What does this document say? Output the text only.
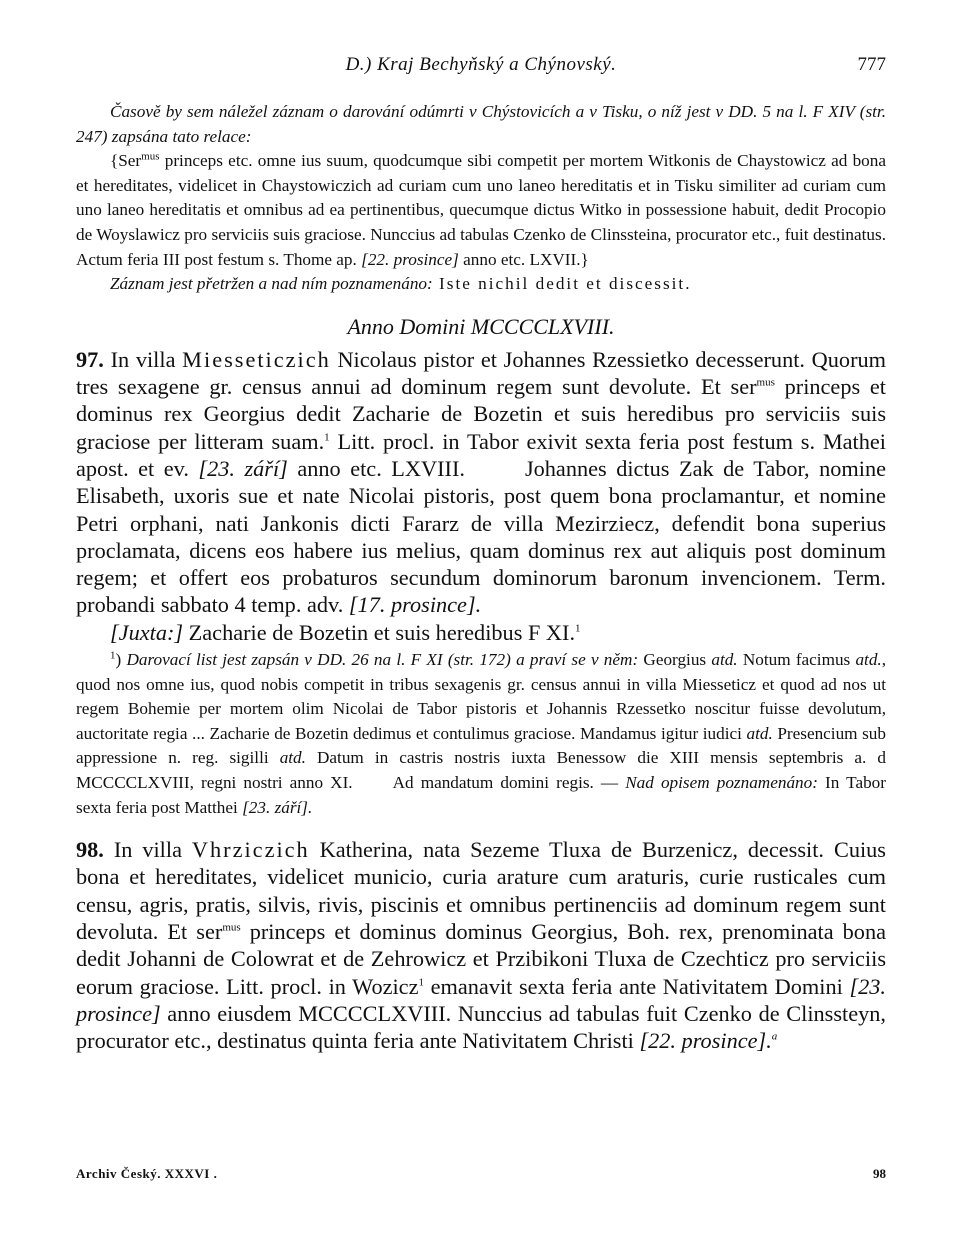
D.) Kraj Bechyňský a Chýnovský.	777

Časově by sem náležel záznam o darování odúmrti v Chýstovicích a v Tisku, o níž jest v DD. 5 na l. F XIV (str. 247) zapsána tato relace:

{Ser$^{mus}$ princeps etc. omne ius suum, quodcumque sibi competit per mortem Witkonis de Chaystowicz ad bona et hereditates, videlicet in Chaystowiczich ad curiam cum uno laneo hereditatis et in Tisku similiter ad curiam cum uno laneo hereditatis et omnibus ad ea pertinentibus, quecumque dictus Witko in possessione habuit, dedit Procopio de Woyslawicz pro serviciis suis graciose. Nunccius ad tabulas Czenko de Clinssteina, procurator etc., fuit destinatus. Actum feria III post festum s. Thome ap. [22. prosince] anno etc. LXVII.}

Záznam jest přetržen a nad ním poznamenáno: Iste nichil dedit et discessit.

Anno Domini MCCCCLXVIII.

97. In villa Miesseticzich Nicolaus pistor et Johannes Rzessietko decesserunt. Quorum tres sexagene gr. census annui ad dominum regem sunt devolute. Et ser$^{mus}$ princeps et dominus rex Georgius dedit Zacharie de Bozetin et suis heredibus pro serviciis suis graciose per litteram suam.$^1$ Litt. procl. in Tabor exivit sexta feria post festum s. Mathei apost. et ev. [23. září] anno etc. LXVIII.	Johannes dictus Zak de Tabor, nomine Elisabeth, uxoris sue et nate Nicolai pistoris, post quem bona proclamantur, et nomine Petri orphani, nati Jankonis dicti Fararz de villa Mezirziecz, defendit bona superius proclamata, dicens eos habere ius melius, quam dominus rex aut aliquis post dominum regem; et offert eos probaturos secundum dominorum baronum invencionem. Term. probandi sabbato 4 temp. adv. [17. prosince].

[Juxta:] Zacharie de Bozetin et suis heredibus F XI.$^1$

$^1$) Darovací list jest zapsán v DD. 26 na l. F XI (str. 172) a praví se v něm: Georgius atd. Notum facimus atd., quod nos omne ius, quod nobis competit in tribus sexagenis gr. census annui in villa Miesseticz et quod ad nos ut regem Bohemie per mortem olim Nicolai de Tabor pistoris et Johannis Rzessetko noscitur fuisse devolutum, auctoritate regia ... Zacharie de Bozetin dedimus et contulimus graciose. Mandamus igitur iudici atd. Presencium sub appressione n. reg. sigilli atd. Datum in castris nostris iuxta Benessow die XIII mensis septembris a. d MCCCCLXVIII, regni nostri anno XI. Ad mandatum domini regis. — Nad opisem poznamenáno: In Tabor sexta feria post Matthei [23. září].

98. In villa Vhrziczich Katherina, nata Sezeme Tluxa de Burzenicz, decessit. Cuius bona et hereditates, videlicet municio, curia arature cum araturis, curie rusticales cum censu, agris, pratis, silvis, rivis, piscinis et omnibus pertinenciis ad dominum regem sunt devoluta. Et ser$^{mus}$ princeps et dominus dominus Georgius, Boh. rex, prenominata bona dedit Johanni de Colowrat et de Zehrowicz et Przibikoni Tluxa de Czechticz pro serviciis eorum graciose. Litt. procl. in Wozicz$^1$ emanavit sexta feria ante Nativitatem Domini [23. prosince] anno eiusdem MCCCCLXVIII. Nunccius ad tabulas fuit Czenko de Clinssteyn, procurator etc., destinatus quinta feria ante Nativitatem Christi [22. prosince].$^a$

Archiv Český. XXXVI .	98
